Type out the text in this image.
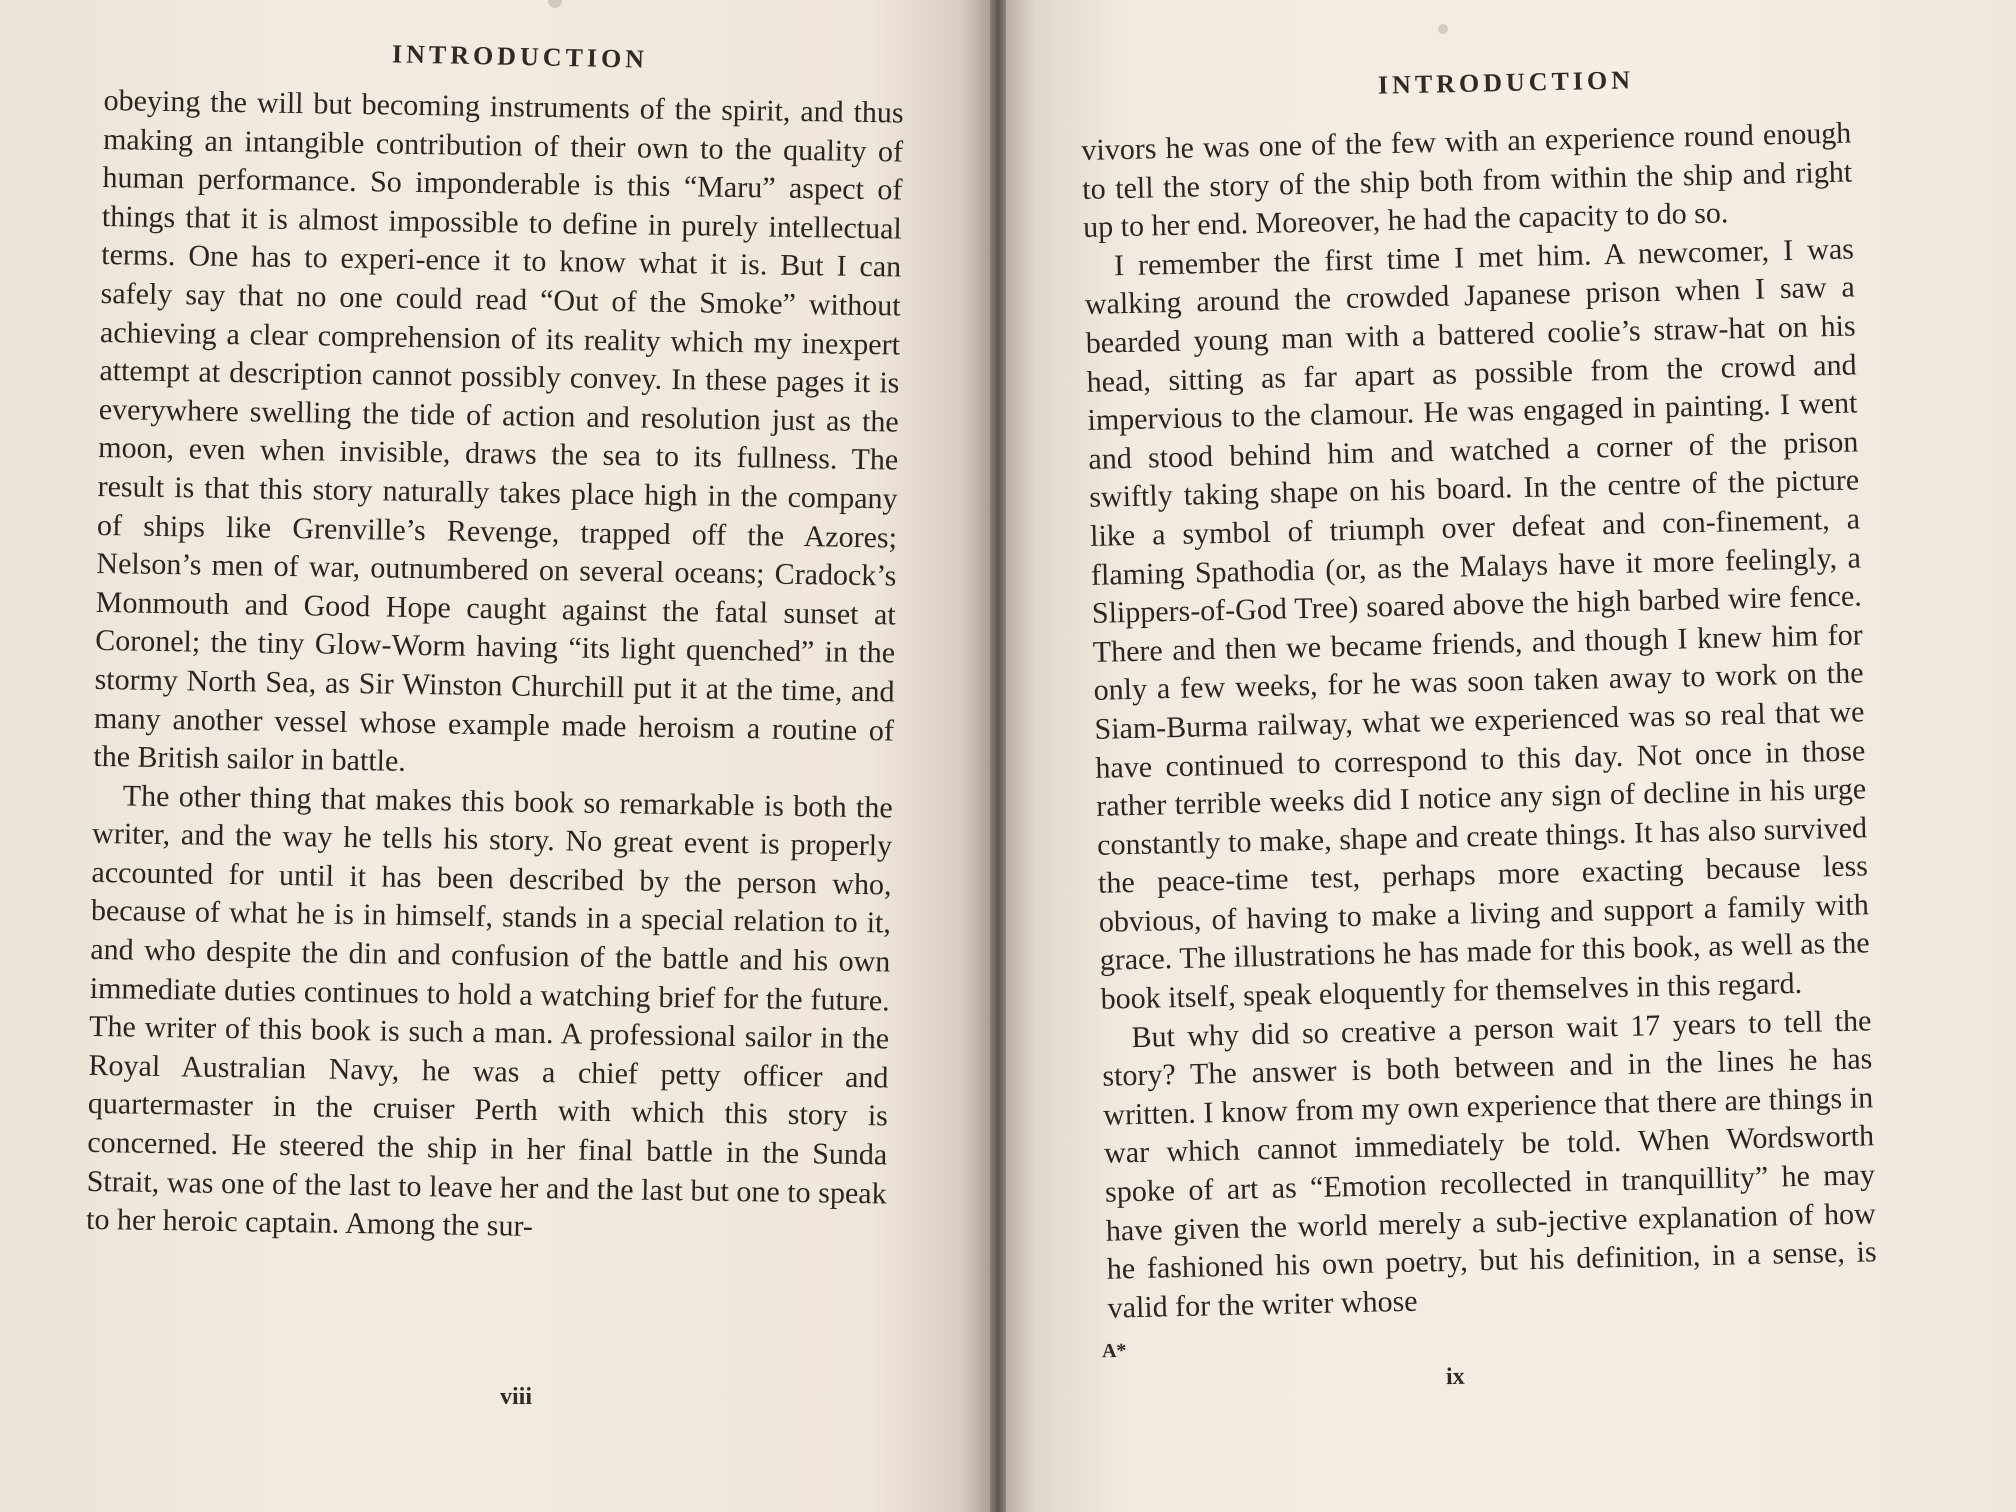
INTRODUCTION

obeying the will but becoming instruments of the spirit, and thus making an intangible contribution of their own to the quality of human performance. So imponderable is this “Maru” aspect of things that it is almost impossible to define in purely intellectual terms. One has to experi-ence it to know what it is. But I can safely say that no one could read “Out of the Smoke” without achieving a clear comprehension of its reality which my inexpert attempt at description cannot possibly convey. In these pages it is everywhere swelling the tide of action and resolution just as the moon, even when invisible, draws the sea to its fullness. The result is that this story naturally takes place high in the company of ships like Grenville’s Revenge, trapped off the Azores; Nelson’s men of war, outnumbered on several oceans; Cradock’s Monmouth and Good Hope caught against the fatal sunset at Coronel; the tiny Glow-Worm having “its light quenched” in the stormy North Sea, as Sir Winston Churchill put it at the time, and many another vessel whose example made heroism a routine of the British sailor in battle.

The other thing that makes this book so remarkable is both the writer, and the way he tells his story. No great event is properly accounted for until it has been described by the person who, because of what he is in himself, stands in a special relation to it, and who despite the din and confusion of the battle and his own immediate duties continues to hold a watching brief for the future. The writer of this book is such a man. A professional sailor in the Royal Australian Navy, he was a chief petty officer and quartermaster in the cruiser Perth with which this story is concerned. He steered the ship in her final battle in the Sunda Strait, was one of the last to leave her and the last but one to speak to her heroic captain. Among the sur-

viii
INTRODUCTION

vivors he was one of the few with an experience round enough to tell the story of the ship both from within the ship and right up to her end. Moreover, he had the capacity to do so.

I remember the first time I met him. A newcomer, I was walking around the crowded Japanese prison when I saw a bearded young man with a battered coolie’s straw-hat on his head, sitting as far apart as possible from the crowd and impervious to the clamour. He was engaged in painting. I went and stood behind him and watched a corner of the prison swiftly taking shape on his board. In the centre of the picture like a symbol of triumph over defeat and con-finement, a flaming Spathodia (or, as the Malays have it more feelingly, a Slippers-of-God Tree) soared above the high barbed wire fence. There and then we became friends, and though I knew him for only a few weeks, for he was soon taken away to work on the Siam-Burma railway, what we experienced was so real that we have continued to correspond to this day. Not once in those rather terrible weeks did I notice any sign of decline in his urge constantly to make, shape and create things. It has also survived the peace-time test, perhaps more exacting because less obvious, of having to make a living and support a family with grace. The illustrations he has made for this book, as well as the book itself, speak eloquently for themselves in this regard.

But why did so creative a person wait 17 years to tell the story? The answer is both between and in the lines he has written. I know from my own experience that there are things in war which cannot immediately be told. When Wordsworth spoke of art as “Emotion recollected in tranquillity” he may have given the world merely a sub-jective explanation of how he fashioned his own poetry, but his definition, in a sense, is valid for the writer whose

A*
ix
